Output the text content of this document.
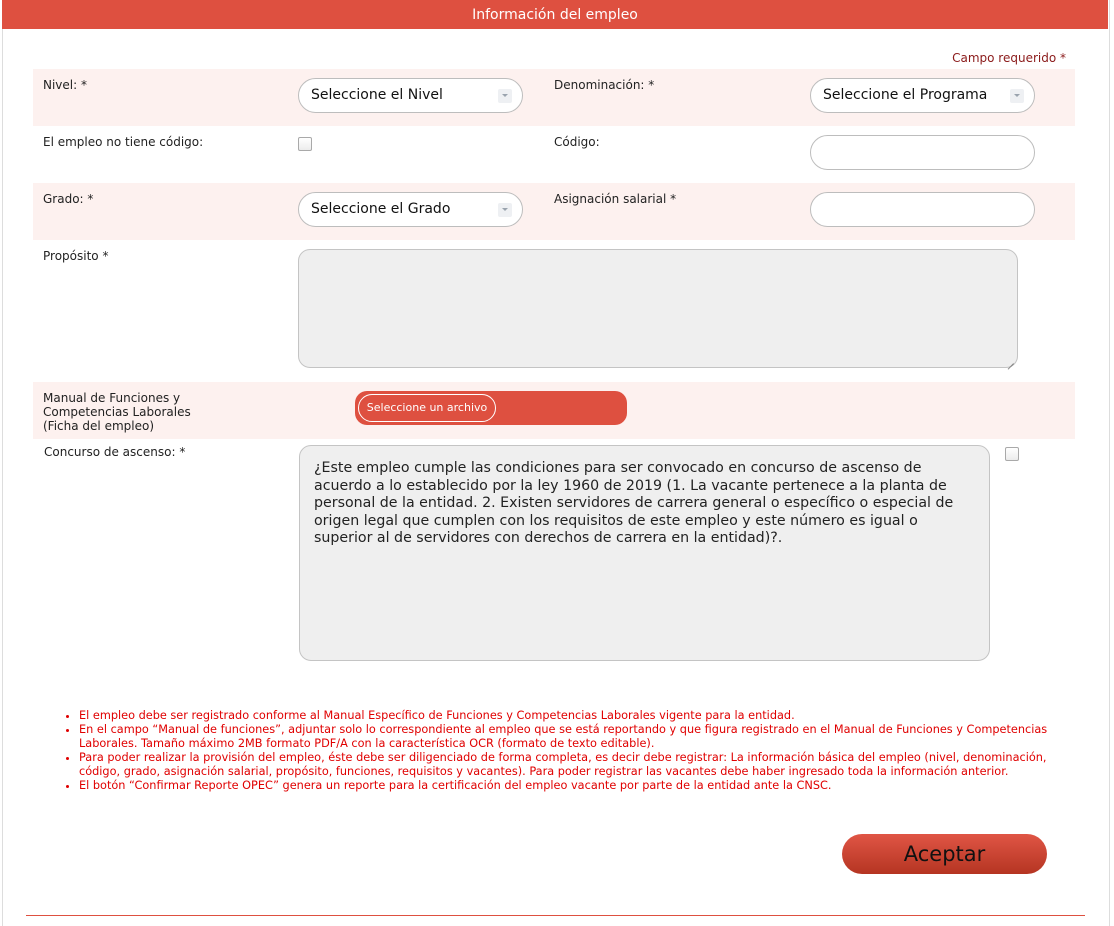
Información del empleo
Campo requerido *
Nivel: *
Seleccione el Nivel
Denominación: *
Seleccione el Programa
El empleo no tiene código:	Código:
Grado: *
Seleccione el Grado
Asignación salarial *
Propósito *
Manual de Funciones y
Competencias Laborales
(Ficha del empleo)
Seleccione un archivo
Concurso de ascenso: *
¿Este empleo cumple las condiciones para ser convocado en concurso de ascenso de acuerdo a lo establecido por la ley 1960 de 2019 (1. La vacante pertenece a la planta de personal de la entidad. 2. Existen servidores de carrera general o específico o especial de origen legal que cumplen con los requisitos de este empleo y este número es igual o superior al de servidores con derechos de carrera en la entidad)?.
• El empleo debe ser registrado conforme al Manual Específico de Funciones y Competencias Laborales vigente para la entidad.
• En el campo “Manual de funciones”, adjuntar solo lo correspondiente al empleo que se está reportando y que figura registrado en el Manual de Funciones y Competencias Laborales. Tamaño máximo 2MB formato PDF/A con la característica OCR (formato de texto editable).
• Para poder realizar la provisión del empleo, éste debe ser diligenciado de forma completa, es decir debe registrar: La información básica del empleo (nivel, denominación, código, grado, asignación salarial, propósito, funciones, requisitos y vacantes). Para poder registrar las vacantes debe haber ingresado toda la información anterior.
• El botón “Confirmar Reporte OPEC” genera un reporte para la certificación del empleo vacante por parte de la entidad ante la CNSC.
Aceptar
